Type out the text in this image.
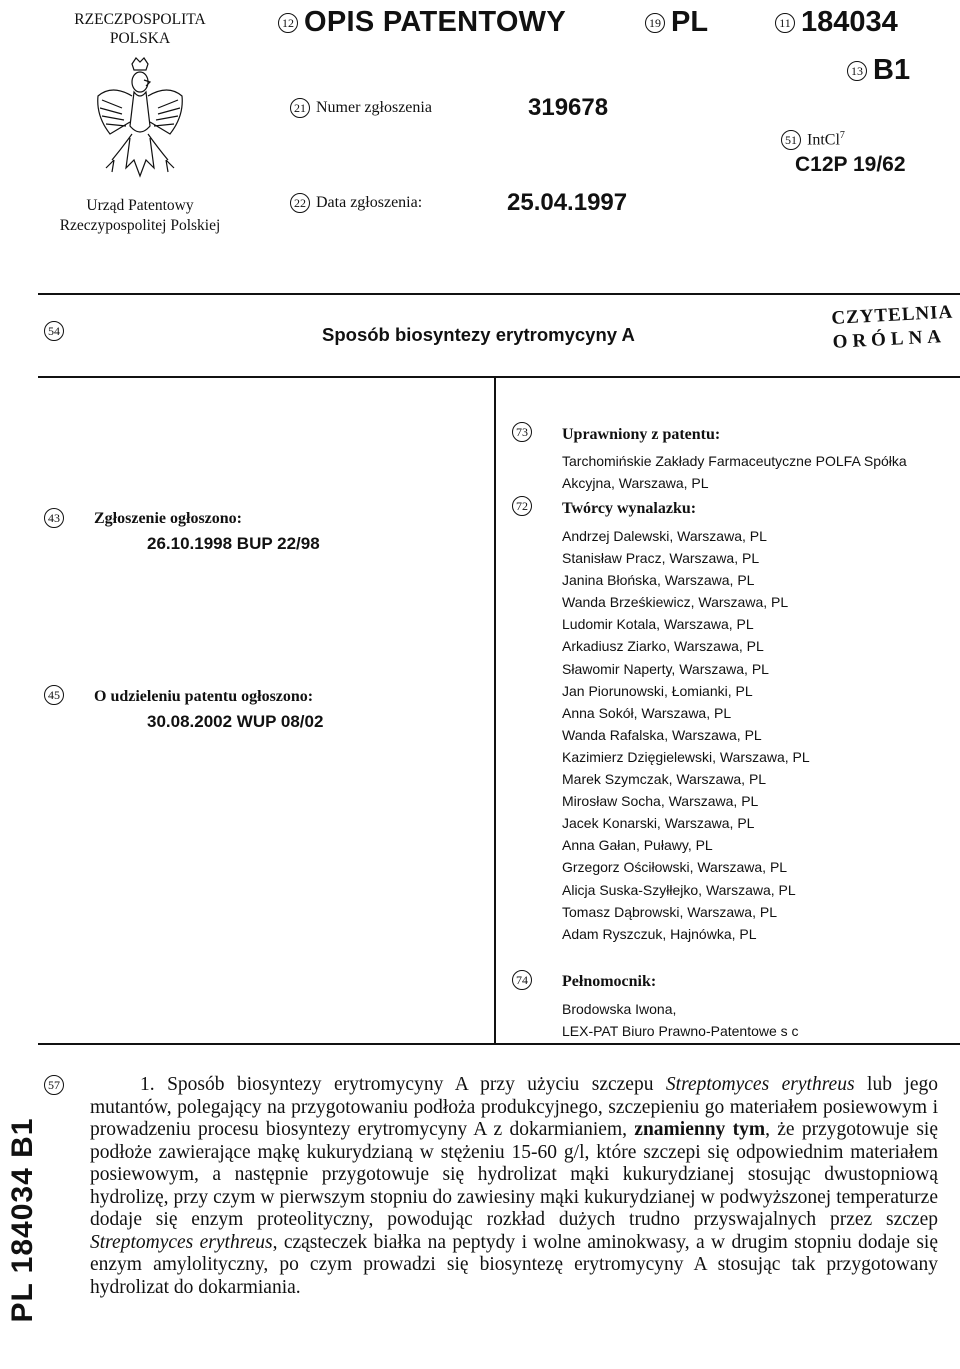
RZECZPOSPOLITA
POLSKA
Urząd Patentowy
Rzeczypospolitej Polskiej
12 OPIS PATENTOWY	19 PL	11 184034
13 B1
21 Numer zgłoszenia	319678
51 IntCl$^7$
C12P 19/62
22 Data zgłoszenia:	25.04.1997
54	Sposób biosyntezy erytromycyny A
CZYTELNIA
ORÓLNA
43 Zgłoszenie ogłoszono:
26.10.1998 BUP 22/98
45 O udzieleniu patentu ogłoszono:
30.08.2002 WUP 08/02
73 Uprawniony z patentu:
Tarchomińskie Zakłady Farmaceutyczne POLFA Spółka
Akcyjna, Warszawa, PL
72 Twórcy wynalazku:
Andrzej Dalewski, Warszawa, PL
Stanisław Pracz, Warszawa, PL
Janina Błońska, Warszawa, PL
Wanda Brześkiewicz, Warszawa, PL
Ludomir Kotala, Warszawa, PL
Arkadiusz Ziarko, Warszawa, PL
Sławomir Naperty, Warszawa, PL
Jan Piorunowski, Łomianki, PL
Anna Sokół, Warszawa, PL
Wanda Rafalska, Warszawa, PL
Kazimierz Dzięgielewski, Warszawa, PL
Marek Szymczak, Warszawa, PL
Mirosław Socha, Warszawa, PL
Jacek Konarski, Warszawa, PL
Anna Gałan, Puławy, PL
Grzegorz Ościłowski, Warszawa, PL
Alicja Suska-Szyłłejko, Warszawa, PL
Tomasz Dąbrowski, Warszawa, PL
Adam Ryszczuk, Hajnówka, PL
74 Pełnomocnik:
Brodowska Iwona,
LEX-PAT Biuro Prawno-Patentowe s c
57	1. Sposób biosyntezy erytromycyny A przy użyciu szczepu Streptomyces erythreus lub jego mutantów, polegający na przygotowaniu podłoża produkcyjnego, szczepieniu go materiałem posiewowym i prowadzeniu procesu biosyntezy erytromycyny A z dokarmianiem, znamienny tym, że przygotowuje się podłoże zawierające mąkę kukurydzianą w stężeniu 15-60 g/l, które szczepi się odpowiednim materiałem posiewowym, a następnie przygotowuje się hydrolizat mąki kukurydzianej stosując dwustopniową hydrolizę, przy czym w pierwszym stopniu do zawiesiny mąki kukurydzianej w podwyższonej temperaturze dodaje się enzym proteolityczny, powodując rozkład dużych trudno przyswajalnych przez szczep Streptomyces erythreus, cząsteczek białka na peptydy i wolne aminokwasy, a w drugim stopniu dodaje się enzym amylolityczny, po czym prowadzi się biosyntezę erytromycyny A stosując tak przygotowany hydrolizat do dokarmiania.
PL 184034 B1
